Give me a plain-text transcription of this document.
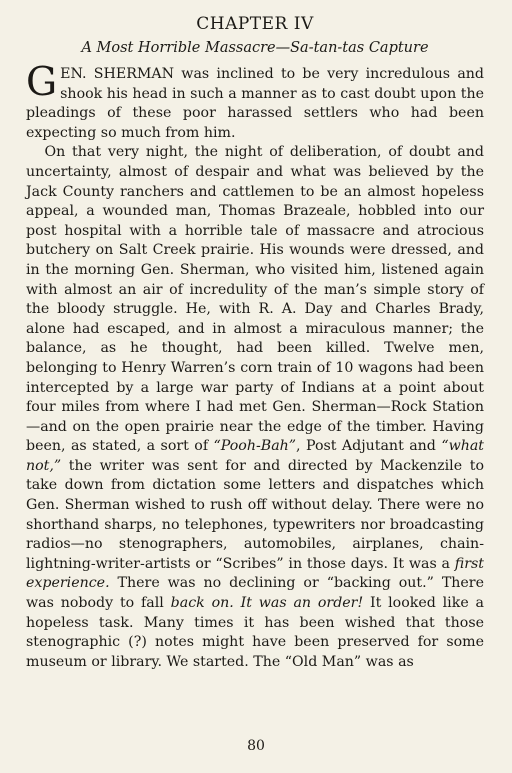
CHAPTER IV

A Most Horrible Massacre—Sa-tan-tas Capture

GEN. SHERMAN was inclined to be very incredulous and shook his head in such a manner as to cast doubt upon the pleadings of these poor harassed settlers who had been expecting so much from him.

On that very night, the night of deliberation, of doubt and uncertainty, almost of despair and what was believed by the Jack County ranchers and cattlemen to be an almost hopeless appeal, a wounded man, Thomas Brazeale, hobbled into our post hospital with a horrible tale of massacre and atrocious butchery on Salt Creek prairie. His wounds were dressed, and in the morning Gen. Sherman, who visited him, listened again with almost an air of incredulity of the man’s simple story of the bloody struggle. He, with R. A. Day and Charles Brady, alone had escaped, and in almost a miraculous manner; the balance, as he thought, had been killed. Twelve men, belonging to Henry Warren’s corn train of 10 wagons had been intercepted by a large war party of Indians at a point about four miles from where I had met Gen. Sherman—Rock Station—and on the open prairie near the edge of the timber. Having been, as stated, a sort of “Pooh-Bah”, Post Adjutant and “what not,” the writer was sent for and directed by Mackenzile to take down from dictation some letters and dispatches which Gen. Sherman wished to rush off without delay. There were no shorthand sharps, no telephones, typewriters nor broadcasting radios—no stenographers, automobiles, airplanes, chain-lightning-writer-artists or “Scribes” in those days. It was a first experience. There was no declining or “backing out.” There was nobody to fall back on. It was an order! It looked like a hopeless task. Many times it has been wished that those stenographic (?) notes might have been preserved for some museum or library. We started. The “Old Man” was as

80
